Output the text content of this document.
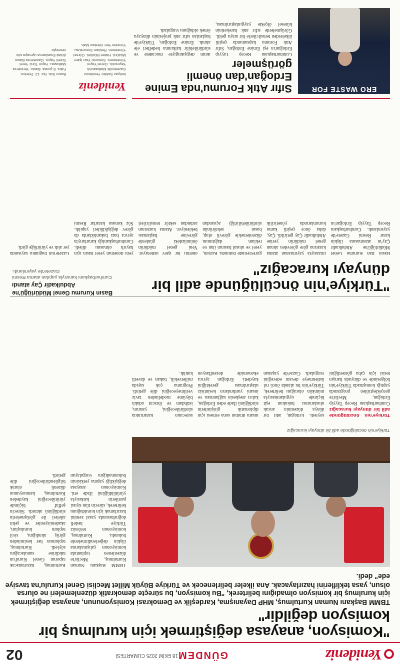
Yenideniz
GÜNDEM
18 EKİM 2025 CUMARTESİ
02
"Komisyon, anayasa değiştirmek için kurulmuş bir komisyon değildir"

TBMM Başkanı Numan Kurtulmuş, MHP Dayanışma, Kardeşlik ve Demokrasi Komisyonunun, anayasa değiştirmek için kurulmuş bir komisyon olmadığını belirterek, "Bu komisyon, bu süreçte demokratik düzenlemeleri ne olursa olsun, yasa tekliflerini hazırlayacak. Ana ilkeler belirlenecek ve Türkiye Büyük Millet Meclisi Genel Kurulu'na tavsiye ede" dedi.

TBMM Başkanı Numan Kurtulmuş, Meclis'te düzenlenen toplantıda komisyonun çalışmalarına ilişkin değerlendirmelerde bulundu. Kurtulmuş, komisyonun terörsüz Türkiye hedefi doğrultusunda yasal zemini hazırlamak için kurulduğunu belirterek, sürecin tüm siyasi partilerin katkısıyla yürütüldüğünü ifade etti. Komisyonun anayasa değişikliği yapma yetkisinin bulunmadığını vurgulayan Kurtulmuş, hazırlanacak raporun Genel Kurul'un takdirine sunulacağını söyledi. Kurtulmuş, toplumun her kesiminden görüş alındığını, sivil toplum kuruluşları, akademisyenler ve şehit aileleri ile görüşmelerin sürdüğünü aktardı. Sürecin şeffaf biçimde yürütüleceğini kaydeden Kurtulmuş, kamuoyunun düzenli olarak bilgilendirileceğini dile getirdi.

Türkiye'nin öncülüğünde adil bir dünyayı kuracağız

Türkiye'nin öncülüğünde adil bir dünyayı kuracağız Cumhurbaşkanı Recep Tayyip Erdoğan, Meclis'te gerçekleştirilen programda yaptığı konuşmada Türkiye'nin bölgesinde ve dünyada barışın tesisi için çaba gösterdiğini söyledi. Erdoğan, adil bir dünya düzeninin ancak uluslararası hukukun eşit biçimde uygulanmasıyla mümkün olacağını belirterek, Türkiye'nin bu alanda öncü rol üstlenmeye devam edeceğini vurguladı. Gazze'de yaşanan insani dramın sona ermesi için diplomatik girişimlerin sürdüğünü ifade eden Erdoğan, kalıcı ateşkesin sağlanması ve insani yardımların kesintisiz ulaştırılması gerektiğini kaydetti. Erdoğan ayrıca ekonomide dezenflasyon sürecinin kararlılıkla sürdürüleceğini, yatırım, istihdam ve ihracat odaklı büyüme modelinden taviz verilmeyeceğini dile getirdi. Programa çok sayıda milletvekili, bakan ve davetli katıldı.
"Türkiye'nin öncülüğünde adil bir dünyayı kuracağız"
Basın Kurumu Genel Müdürlüğü'ne Abdulkadir Çay atandı
Cumhurbaşkanı kararıyla yapılan atama Resmi Gazete'de yayımlandı.
Basın İlan Kurumu Genel Müdürlüğü'ne Abdulkadir Çay'ın atanmasına ilişkin karar Resmi Gazete'de yayımlandı. Cumhurbaşkanı Recep Tayyip Erdoğan'ın imzasıyla yayımlanan atama kararına göre görevden alınan genel müdürün yerine Abdulkadir Çay getirildi. Çay, daha önce çeşitli kamu kurumlarında yöneticilik görevlerinde bulundu. Kurum, yerel ve ulusal basının ilan ve reklam dağıtımını düzenlemekle görevli olup, basın sektörünün sürdürülebilirliği açısından önemli bir işlev üstleniyor. Yeni genel müdürün önümüzdeki günlerde görevine başlaması bekleniyor. Atama kararının ardından sektör temsilcileri yeni dönemin yerel basın için hayırlı olmasını diledi. Cumhurbaşkanlığı kararlarıyla ayrıca bazı bakanlıklarda da görev değişiklikleri yapıldı. Söz konusu kararlar Resmi Gazete'nin bugünkü sayısında yer aldı ve yürürlüğe girdi.
ERO WASTE FOR
Sıfır Atık Forumu'nda Emine Erdoğan'dan önemli görüşmeler
Cumhurbaşkanı Recep Tayyip Erdoğan'ın eşi Emine Erdoğan, Sıfır Atık Forumu kapsamında çeşitli ülkelerden temsilcilerle bir araya geldi. Görüşmelerde sıfır atık hareketinin küresel ölçekte yaygınlaştırılması, iklim değişikliğiyle mücadele ve sürdürülebilir kalkınma hedefleri ele alındı. Emine Erdoğan, Türkiye'de başlatılan sıfır atık projesinin dünyaya örnek olduğunu vurguladı.
Yenideniz
İmtiyaz Sahibi: Yenideniz Gazetecilik Matbaacılık Yayıncılık. Genel Yayın Yönetmeni. Sorumlu Yazı İşleri Müdürü. Haber Müdürü. Görsel Yönetmen. Reklam Sorumlusu. Yönetim Yeri: Merkez Mah. Basın Sok. No: 12. Telefon. Faks. E-posta. Baskı: Yenideniz Matbaası. Yayın Türü: Yerel Süreli Yayın. Gazetemiz Basın Ahlak Esaslarına uymaya söz vermiştir.
